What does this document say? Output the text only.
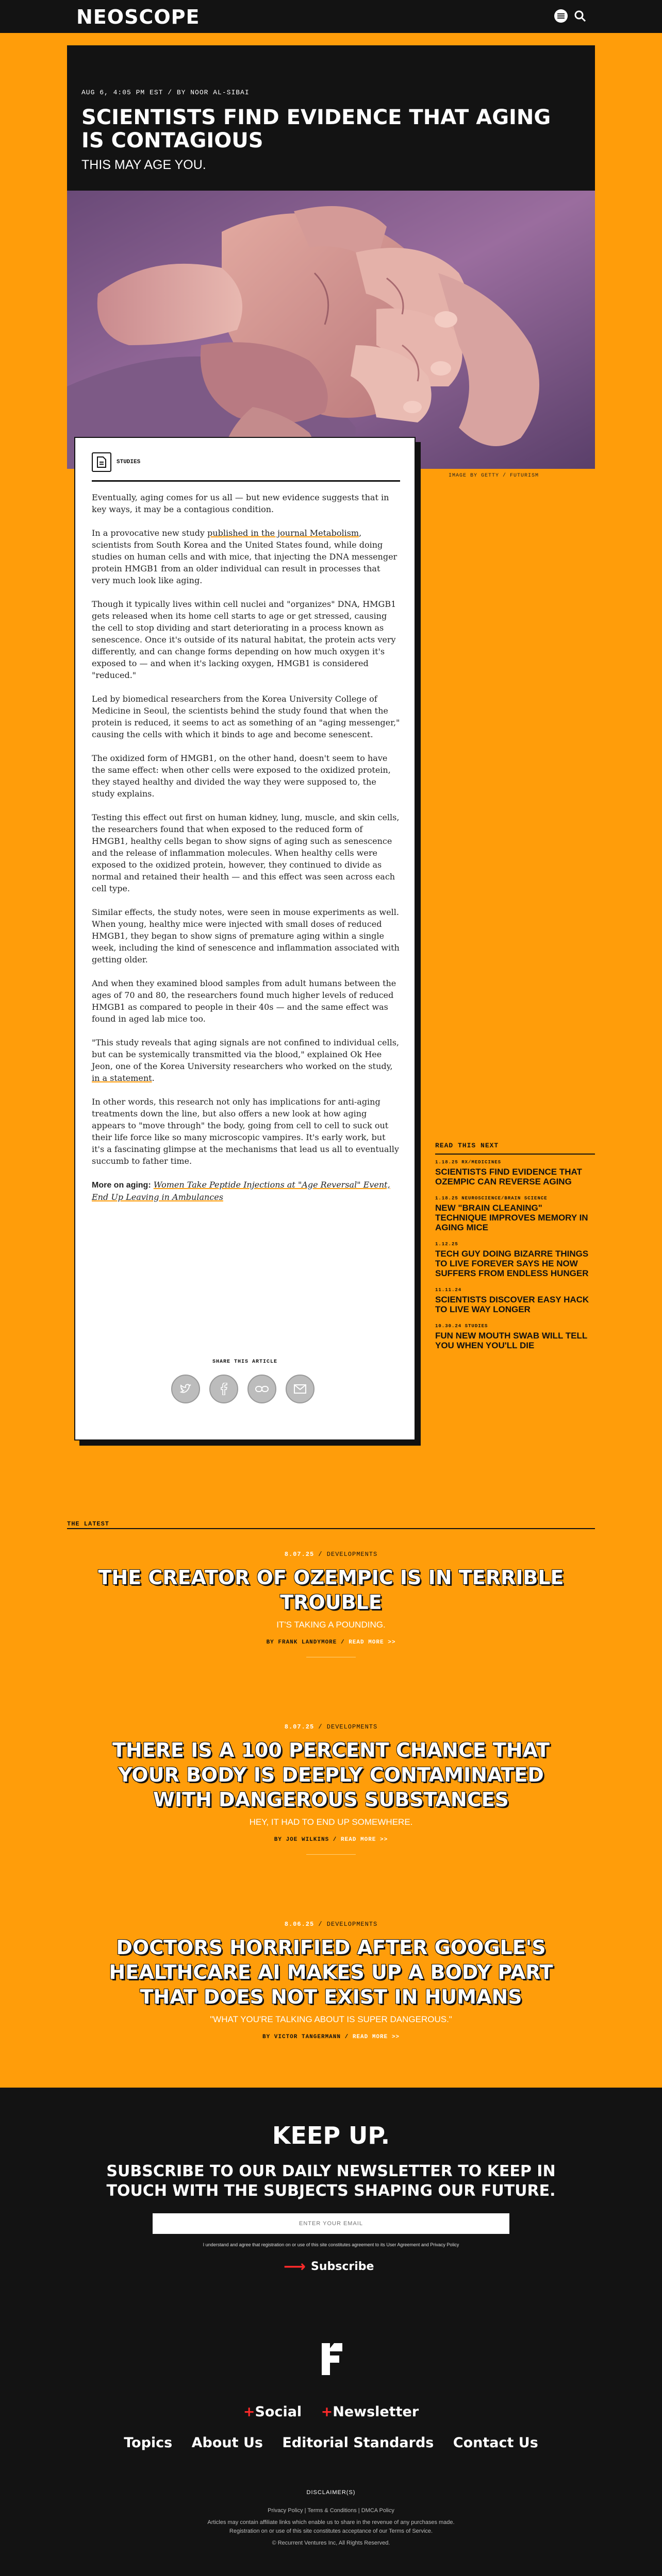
NEOSCOPE

AUG 6, 4:05 PM EST / BY NOOR AL-SIBAI
SCIENTISTS FIND EVIDENCE THAT AGING IS CONTAGIOUS
THIS MAY AGE YOU.
IMAGE BY GETTY / FUTURISM
STUDIES

Eventually, aging comes for us all — but new evidence suggests that in key ways, it may be a contagious condition.

In a provocative new study published in the journal Metabolism, scientists from South Korea and the United States found, while doing studies on human cells and with mice, that injecting the DNA messenger protein HMGB1 from an older individual can result in processes that very much look like aging.

Though it typically lives within cell nuclei and "organizes" DNA, HMGB1 gets released when its home cell starts to age or get stressed, causing the cell to stop dividing and start deteriorating in a process known as senescence. Once it's outside of its natural habitat, the protein acts very differently, and can change forms depending on how much oxygen it's exposed to — and when it's lacking oxygen, HMGB1 is considered "reduced."

Led by biomedical researchers from the Korea University College of Medicine in Seoul, the scientists behind the study found that when the protein is reduced, it seems to act as something of an "aging messenger," causing the cells with which it binds to age and become senescent.

The oxidized form of HMGB1, on the other hand, doesn't seem to have the same effect: when other cells were exposed to the oxidized protein, they stayed healthy and divided the way they were supposed to, the study explains.

Testing this effect out first on human kidney, lung, muscle, and skin cells, the researchers found that when exposed to the reduced form of HMGB1, healthy cells began to show signs of aging such as senescence and the release of inflammation molecules. When healthy cells were exposed to the oxidized protein, however, they continued to divide as normal and retained their health — and this effect was seen across each cell type.

Similar effects, the study notes, were seen in mouse experiments as well. When young, healthy mice were injected with small doses of reduced HMGB1, they began to show signs of premature aging within a single week, including the kind of senescence and inflammation associated with getting older.

And when they examined blood samples from adult humans between the ages of 70 and 80, the researchers found much higher levels of reduced HMGB1 as compared to people in their 40s — and the same effect was found in aged lab mice too.

"This study reveals that aging signals are not confined to individual cells, but can be systemically transmitted via the blood," explained Ok Hee Jeon, one of the Korea University researchers who worked on the study, in a statement.

In other words, this research not only has implications for anti-aging treatments down the line, but also offers a new look at how aging appears to "move through" the body, going from cell to cell to suck out their life force like so many microscopic vampires. It's early work, but it's a fascinating glimpse at the mechanisms that lead us all to eventually succumb to father time.

More on aging: Women Take Peptide Injections at "Age Reversal" Event, End Up Leaving in Ambulances

SHARE THIS ARTICLE
READ THIS NEXT
1.18.25 RX/MEDICINES
SCIENTISTS FIND EVIDENCE THAT OZEMPIC CAN REVERSE AGING
1.18.25 NEUROSCIENCE/BRAIN SCIENCE
NEW "BRAIN CLEANING" TECHNIQUE IMPROVES MEMORY IN AGING MICE
1.12.25
TECH GUY DOING BIZARRE THINGS TO LIVE FOREVER SAYS HE NOW SUFFERS FROM ENDLESS HUNGER
11.11.24
SCIENTISTS DISCOVER EASY HACK TO LIVE WAY LONGER
10.30.24 STUDIES
FUN NEW MOUTH SWAB WILL TELL YOU WHEN YOU'LL DIE
THE LATEST
8.07.25 / DEVELOPMENTS
THE CREATOR OF OZEMPIC IS IN TERRIBLE TROUBLE
IT'S TAKING A POUNDING.
BY FRANK LANDYMORE / READ MORE >>
8.07.25 / DEVELOPMENTS
THERE IS A 100 PERCENT CHANCE THAT YOUR BODY IS DEEPLY CONTAMINATED WITH DANGEROUS SUBSTANCES
HEY, IT HAD TO END UP SOMEWHERE.
BY JOE WILKINS / READ MORE >>
8.06.25 / DEVELOPMENTS
DOCTORS HORRIFIED AFTER GOOGLE'S HEALTHCARE AI MAKES UP A BODY PART THAT DOES NOT EXIST IN HUMANS
"WHAT YOU'RE TALKING ABOUT IS SUPER DANGEROUS."
BY VICTOR TANGERMANN / READ MORE >>
KEEP UP.
SUBSCRIBE TO OUR DAILY NEWSLETTER TO KEEP IN TOUCH WITH THE SUBJECTS SHAPING OUR FUTURE.
ENTER YOUR EMAIL
I understand and agree that registration on or use of this site constitutes agreement to its User Agreement and Privacy Policy
⟶ Subscribe
+Social +Newsletter
Topics About Us Editorial Standards Contact Us
DISCLAIMER(S)
Privacy Policy | Terms & Conditions | DMCA Policy
Articles may contain affiliate links which enable us to share in the revenue of any purchases made.
Registration on or use of this site constitutes acceptance of our Terms of Service.
© Recurrent Ventures Inc, All Rights Reserved.
